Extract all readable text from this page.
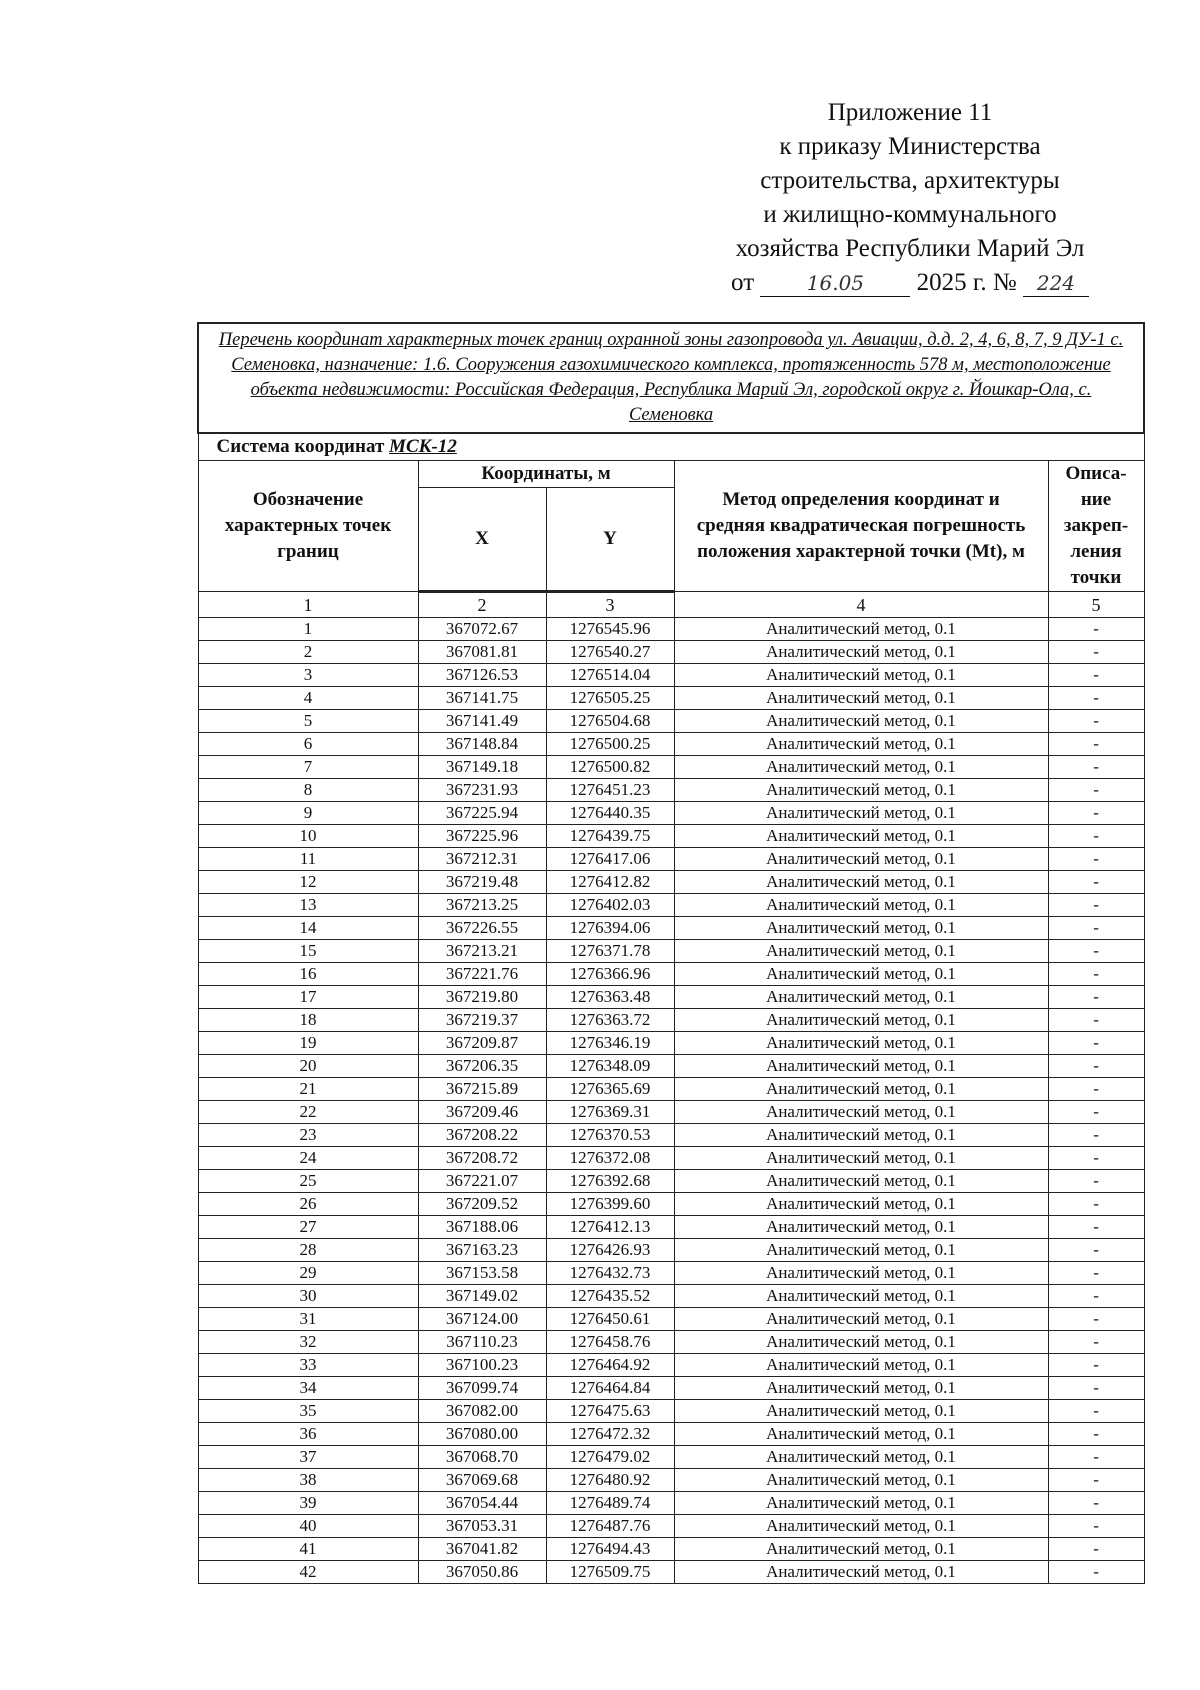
Приложение 11
к приказу Министерства
строительства, архитектуры
и жилищно-коммунального
хозяйства Республики Марий Эл
от	16.05 2025 г. № 224
Перечень координат характерных точек границ охранной зоны газопровода ул. Авиации, д.д. 2, 4, 6, 8, 7, 9 ДУ-1 с. Семеновка, назначение: 1.6. Сооружения газохимического комплекса, протяженность 578 м, местоположение объекта недвижимости: Российская Федерация, Республика Марий Эл, городской округ г. Йошкар-Ола, с. Семеновка				
Система координат МСК-12				
Обозначение характерных точек границ	Координаты, м		Метод определения координат и средняя квадратическая погрешность положения характерной точки (Mt), м	Описа-ние закреп-ления точки
	X	Y		
1	2	3	4	5
1	367072.67	1276545.96	Аналитический метод, 0.1	-
2	367081.81	1276540.27	Аналитический метод, 0.1	-
3	367126.53	1276514.04	Аналитический метод, 0.1	-
4	367141.75	1276505.25	Аналитический метод, 0.1	-
5	367141.49	1276504.68	Аналитический метод, 0.1	-
6	367148.84	1276500.25	Аналитический метод, 0.1	-
7	367149.18	1276500.82	Аналитический метод, 0.1	-
8	367231.93	1276451.23	Аналитический метод, 0.1	-
9	367225.94	1276440.35	Аналитический метод, 0.1	-
10	367225.96	1276439.75	Аналитический метод, 0.1	-
11	367212.31	1276417.06	Аналитический метод, 0.1	-
12	367219.48	1276412.82	Аналитический метод, 0.1	-
13	367213.25	1276402.03	Аналитический метод, 0.1	-
14	367226.55	1276394.06	Аналитический метод, 0.1	-
15	367213.21	1276371.78	Аналитический метод, 0.1	-
16	367221.76	1276366.96	Аналитический метод, 0.1	-
17	367219.80	1276363.48	Аналитический метод, 0.1	-
18	367219.37	1276363.72	Аналитический метод, 0.1	-
19	367209.87	1276346.19	Аналитический метод, 0.1	-
20	367206.35	1276348.09	Аналитический метод, 0.1	-
21	367215.89	1276365.69	Аналитический метод, 0.1	-
22	367209.46	1276369.31	Аналитический метод, 0.1	-
23	367208.22	1276370.53	Аналитический метод, 0.1	-
24	367208.72	1276372.08	Аналитический метод, 0.1	-
25	367221.07	1276392.68	Аналитический метод, 0.1	-
26	367209.52	1276399.60	Аналитический метод, 0.1	-
27	367188.06	1276412.13	Аналитический метод, 0.1	-
28	367163.23	1276426.93	Аналитический метод, 0.1	-
29	367153.58	1276432.73	Аналитический метод, 0.1	-
30	367149.02	1276435.52	Аналитический метод, 0.1	-
31	367124.00	1276450.61	Аналитический метод, 0.1	-
32	367110.23	1276458.76	Аналитический метод, 0.1	-
33	367100.23	1276464.92	Аналитический метод, 0.1	-
34	367099.74	1276464.84	Аналитический метод, 0.1	-
35	367082.00	1276475.63	Аналитический метод, 0.1	-
36	367080.00	1276472.32	Аналитический метод, 0.1	-
37	367068.70	1276479.02	Аналитический метод, 0.1	-
38	367069.68	1276480.92	Аналитический метод, 0.1	-
39	367054.44	1276489.74	Аналитический метод, 0.1	-
40	367053.31	1276487.76	Аналитический метод, 0.1	-
41	367041.82	1276494.43	Аналитический метод, 0.1	-
42	367050.86	1276509.75	Аналитический метод, 0.1	-
